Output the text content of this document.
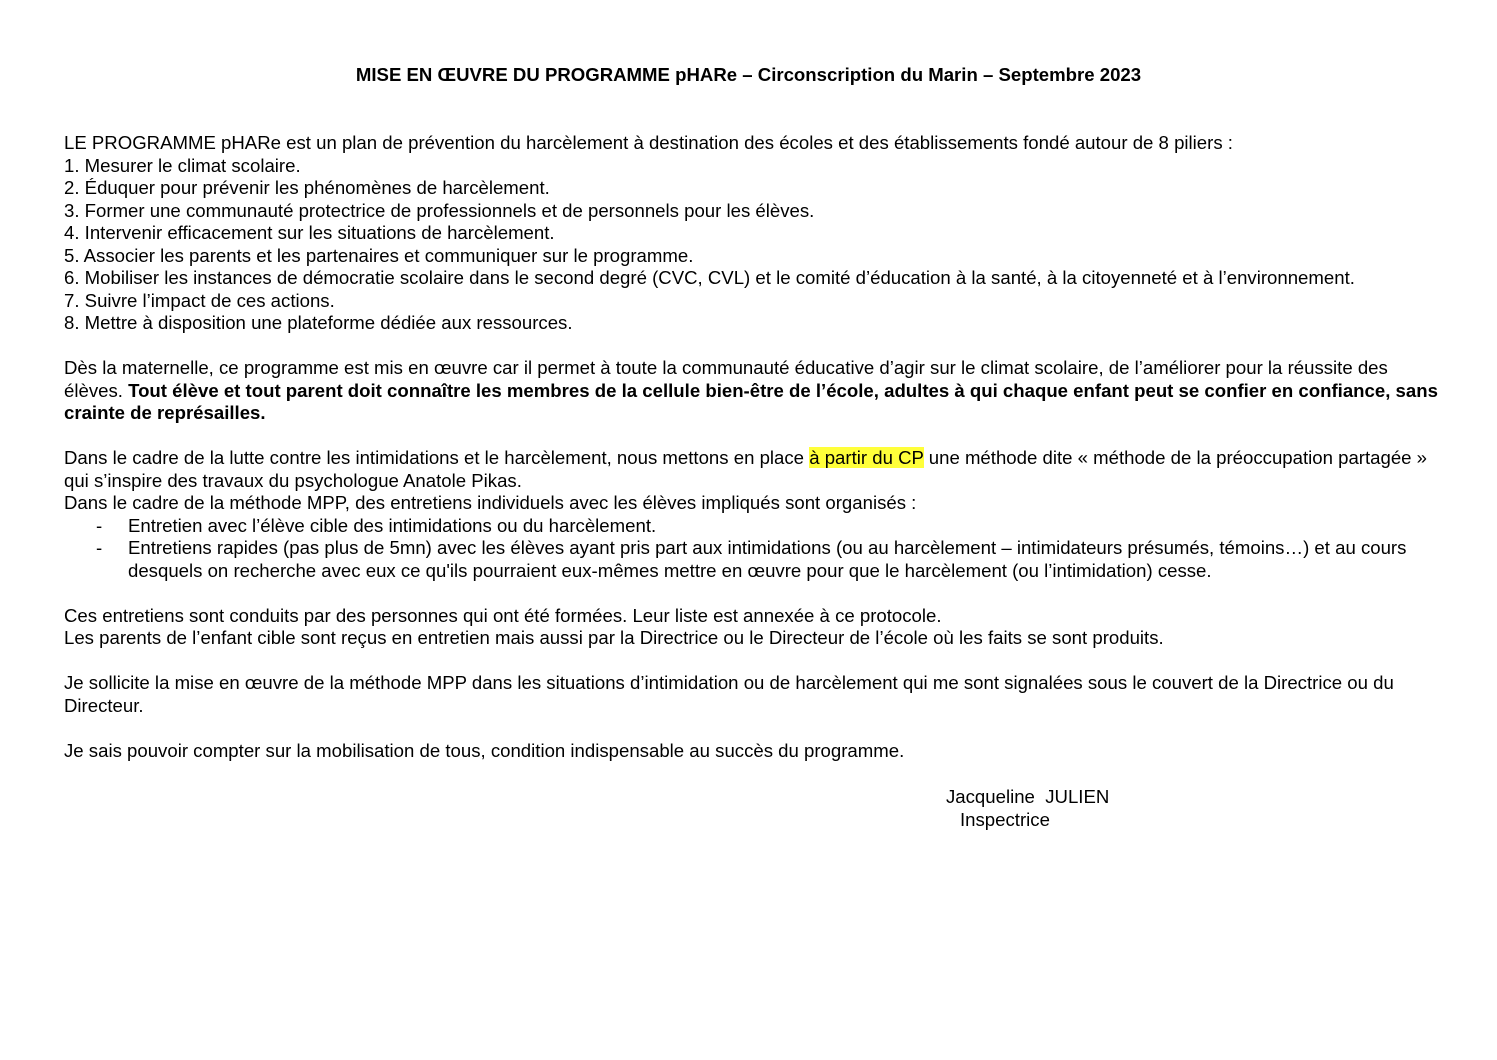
MISE EN ŒUVRE DU PROGRAMME pHARe – Circonscription du Marin – Septembre 2023
LE PROGRAMME pHARe est un plan de prévention du harcèlement à destination des écoles et des établissements fondé autour de 8 piliers :
1. Mesurer le climat scolaire.
2. Éduquer pour prévenir les phénomènes de harcèlement.
3. Former une communauté protectrice de professionnels et de personnels pour les élèves.
4. Intervenir efficacement sur les situations de harcèlement.
5. Associer les parents et les partenaires et communiquer sur le programme.
6. Mobiliser les instances de démocratie scolaire dans le second degré (CVC, CVL) et le comité d’éducation à la santé, à la citoyenneté et à l’environnement.
7. Suivre l’impact de ces actions.
8. Mettre à disposition une plateforme dédiée aux ressources.

Dès la maternelle, ce programme est mis en œuvre car il permet à toute la communauté éducative d’agir sur le climat scolaire, de l’améliorer pour la réussite des élèves. Tout élève et tout parent doit connaître les membres de la cellule bien-être de l’école, adultes à qui chaque enfant peut se confier en confiance, sans crainte de représailles.

Dans le cadre de la lutte contre les intimidations et le harcèlement, nous mettons en place à partir du CP une méthode dite « méthode de la préoccupation partagée » qui s’inspire des travaux du psychologue Anatole Pikas.

Dans le cadre de la méthode MPP, des entretiens individuels avec les élèves impliqués sont organisés :
- Entretien avec l’élève cible des intimidations ou du harcèlement.
- Entretiens rapides (pas plus de 5mn) avec les élèves ayant pris part aux intimidations (ou au harcèlement – intimidateurs présumés, témoins…) et au cours desquels on recherche avec eux ce qu'ils pourraient eux-mêmes mettre en œuvre pour que le harcèlement (ou l’intimidation) cesse.
Ces entretiens sont conduits par des personnes qui ont été formées. Leur liste est annexée à ce protocole.
Les parents de l’enfant cible sont reçus en entretien mais aussi par la Directrice ou le Directeur de l’école où les faits se sont produits.

Je sollicite la mise en œuvre de la méthode MPP dans les situations d’intimidation ou de harcèlement qui me sont signalées sous le couvert de la Directrice ou du Directeur.

Je sais pouvoir compter sur la mobilisation de tous, condition indispensable au succès du programme.
Jacqueline  JULIEN
Inspectrice
